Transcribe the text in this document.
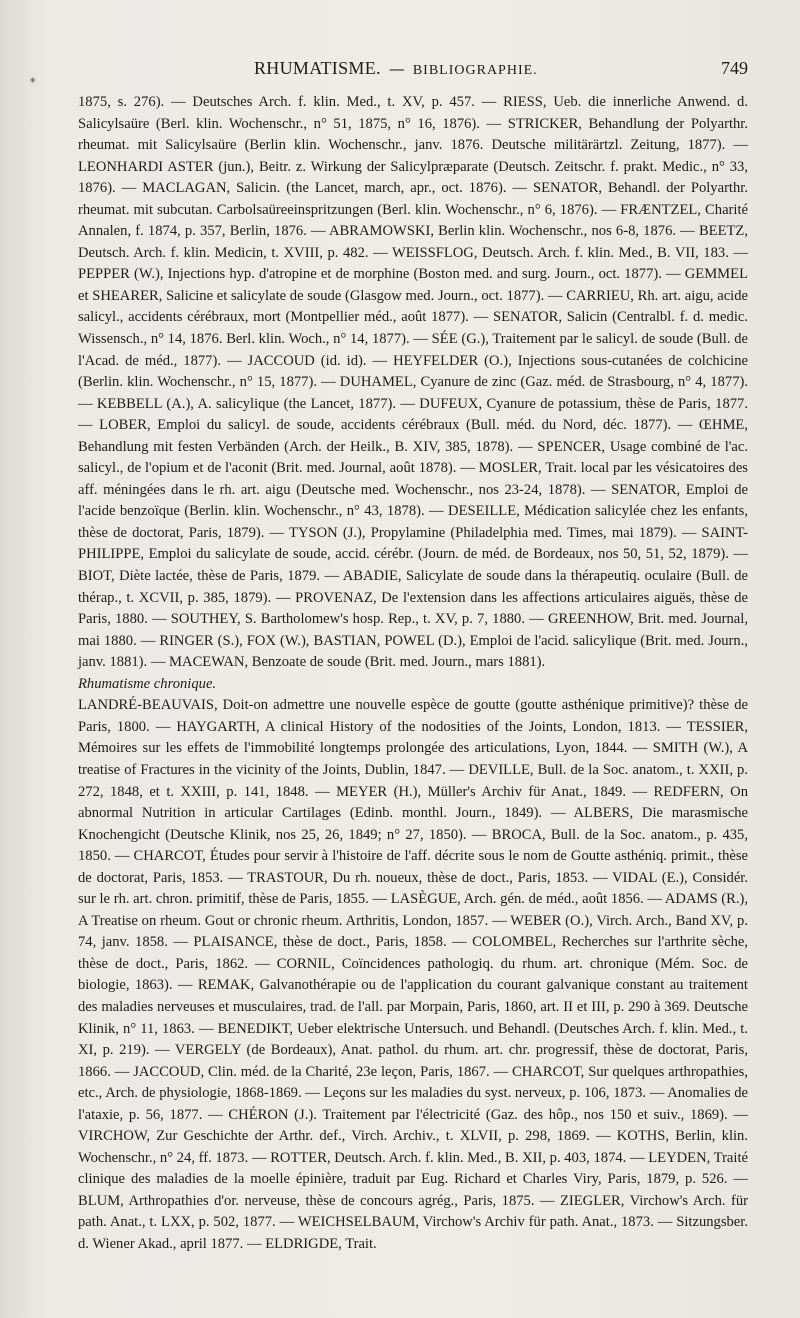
*
RHUMATISME. — BIBLIOGRAPHIE.	749

1875, s. 276). — Deutsches Arch. f. klin. Med., t. XV, p. 457. — RIESS, Ueb. die innerliche Anwend. d. Salicylsaüre (Berl. klin. Wochenschr., n° 51, 1875, n° 16, 1876). — STRICKER, Behandlung der Polyarthr. rheumat. mit Salicylsaüre (Berlin klin. Wochenschr., janv. 1876. Deutsche militärärtzl. Zeitung, 1877). — LEONHARDI ASTER (jun.), Beitr. z. Wirkung der Salicylpræparate (Deutsch. Zeitschr. f. prakt. Medic., n° 33, 1876). — MACLAGAN, Salicin. (the Lancet, march, apr., oct. 1876). — SENATOR, Behandl. der Polyarthr. rheumat. mit subcutan. Carbolsaüreeinspritzungen (Berl. klin. Wochenschr., n° 6, 1876). — FRÆNTZEL, Charité Annalen, f. 1874, p. 357, Berlin, 1876. — ABRAMOWSKI, Berlin klin. Wochenschr., nos 6-8, 1876. — BEETZ, Deutsch. Arch. f. klin. Medicin, t. XVIII, p. 482. — WEISSFLOG, Deutsch. Arch. f. klin. Med., B. VII, 183. — PEPPER (W.), Injections hyp. d'atropine et de morphine (Boston med. and surg. Journ., oct. 1877). — GEMMEL et SHEARER, Salicine et salicylate de soude (Glasgow med. Journ., oct. 1877). — CARRIEU, Rh. art. aigu, acide salicyl., accidents cérébraux, mort (Montpellier méd., août 1877). — SENATOR, Salicin (Centralbl. f. d. medic. Wissensch., n° 14, 1876. Berl. klin. Woch., n° 14, 1877). — SÉE (G.), Traitement par le salicyl. de soude (Bull. de l'Acad. de méd., 1877). — JACCOUD (id. id). — HEYFELDER (O.), Injections sous-cutanées de colchicine (Berlin. klin. Wochenschr., n° 15, 1877). — DUHAMEL, Cyanure de zinc (Gaz. méd. de Strasbourg, n° 4, 1877). — KEBBELL (A.), A. salicylique (the Lancet, 1877). — DUFEUX, Cyanure de potassium, thèse de Paris, 1877. — LOBER, Emploi du salicyl. de soude, accidents cérébraux (Bull. méd. du Nord, déc. 1877). — ŒHME, Behandlung mit festen Verbänden (Arch. der Heilk., B. XIV, 385, 1878). — SPENCER, Usage combiné de l'ac. salicyl., de l'opium et de l'aconit (Brit. med. Journal, août 1878). — MOSLER, Trait. local par les vésicatoires des aff. méningées dans le rh. art. aigu (Deutsche med. Wochenschr., nos 23-24, 1878). — SENATOR, Emploi de l'acide benzoïque (Berlin. klin. Wochenschr., n° 43, 1878). — DESEILLE, Médication salicylée chez les enfants, thèse de doctorat, Paris, 1879). — TYSON (J.), Propylamine (Philadelphia med. Times, mai 1879). — SAINT-PHILIPPE, Emploi du salicylate de soude, accid. cérébr. (Journ. de méd. de Bordeaux, nos 50, 51, 52, 1879). — BIOT, Diète lactée, thèse de Paris, 1879. — ABADIE, Salicylate de soude dans la thérapeutiq. oculaire (Bull. de thérap., t. XCVII, p. 385, 1879). — PROVENAZ, De l'extension dans les affections articulaires aiguës, thèse de Paris, 1880. — SOUTHEY, S. Bartholomew's hosp. Rep., t. XV, p. 7, 1880. — GREENHOW, Brit. med. Journal, mai 1880. — RINGER (S.), FOX (W.), BASTIAN, POWEL (D.), Emploi de l'acid. salicylique (Brit. med. Journ., janv. 1881). — MACEWAN, Benzoate de soude (Brit. med. Journ., mars 1881).

Rhumatisme chronique.

LANDRÉ-BEAUVAIS, Doit-on admettre une nouvelle espèce de goutte (goutte asthénique primitive)? thèse de Paris, 1800. — HAYGARTH, A clinical History of the nodosities of the Joints, London, 1813. — TESSIER, Mémoires sur les effets de l'immobilité longtemps prolongée des articulations, Lyon, 1844. — SMITH (W.), A treatise of Fractures in the vicinity of the Joints, Dublin, 1847. — DEVILLE, Bull. de la Soc. anatom., t. XXII, p. 272, 1848, et t. XXIII, p. 141, 1848. — MEYER (H.), Müller's Archiv für Anat., 1849. — REDFERN, On abnormal Nutrition in articular Cartilages (Edinb. monthl. Journ., 1849). — ALBERS, Die marasmische Knochengicht (Deutsche Klinik, nos 25, 26, 1849; n° 27, 1850). — BROCA, Bull. de la Soc. anatom., p. 435, 1850. — CHARCOT, Études pour servir à l'histoire de l'aff. décrite sous le nom de Goutte asthéniq. primit., thèse de doctorat, Paris, 1853. — TRASTOUR, Du rh. noueux, thèse de doct., Paris, 1853. — VIDAL (E.), Considér. sur le rh. art. chron. primitif, thèse de Paris, 1855. — LASÈGUE, Arch. gén. de méd., août 1856. — ADAMS (R.), A Treatise on rheum. Gout or chronic rheum. Arthritis, London, 1857. — WEBER (O.), Virch. Arch., Band XV, p. 74, janv. 1858. — PLAISANCE, thèse de doct., Paris, 1858. — COLOMBEL, Recherches sur l'arthrite sèche, thèse de doct., Paris, 1862. — CORNIL, Coïncidences pathologiq. du rhum. art. chronique (Mém. Soc. de biologie, 1863). — REMAK, Galvanothérapie ou de l'application du courant galvanique constant au traitement des maladies nerveuses et musculaires, trad. de l'all. par Morpain, Paris, 1860, art. II et III, p. 290 à 369. Deutsche Klinik, n° 11, 1863. — BENEDIKT, Ueber elektrische Untersuch. und Behandl. (Deutsches Arch. f. klin. Med., t. XI, p. 219). — VERGELY (de Bordeaux), Anat. pathol. du rhum. art. chr. progressif, thèse de doctorat, Paris, 1866. — JACCOUD, Clin. méd. de la Charité, 23e leçon, Paris, 1867. — CHARCOT, Sur quelques arthropathies, etc., Arch. de physiologie, 1868-1869. — Leçons sur les maladies du syst. nerveux, p. 106, 1873. — Anomalies de l'ataxie, p. 56, 1877. — CHÉRON (J.). Traitement par l'électricité (Gaz. des hôp., nos 150 et suiv., 1869). — VIRCHOW, Zur Geschichte der Arthr. def., Virch. Archiv., t. XLVII, p. 298, 1869. — KOTHS, Berlin, klin. Wochenschr., n° 24, ff. 1873. — ROTTER, Deutsch. Arch. f. klin. Med., B. XII, p. 403, 1874. — LEYDEN, Traité clinique des maladies de la moelle épinière, traduit par Eug. Richard et Charles Viry, Paris, 1879, p. 526. — BLUM, Arthropathies d'or. nerveuse, thèse de concours agrég., Paris, 1875. — ZIEGLER, Virchow's Arch. für path. Anat., t. LXX, p. 502, 1877. — WEICHSELBAUM, Virchow's Archiv für path. Anat., 1873. — Sitzungsber. d. Wiener Akad., april 1877. — ELDRIGDE, Trait.
